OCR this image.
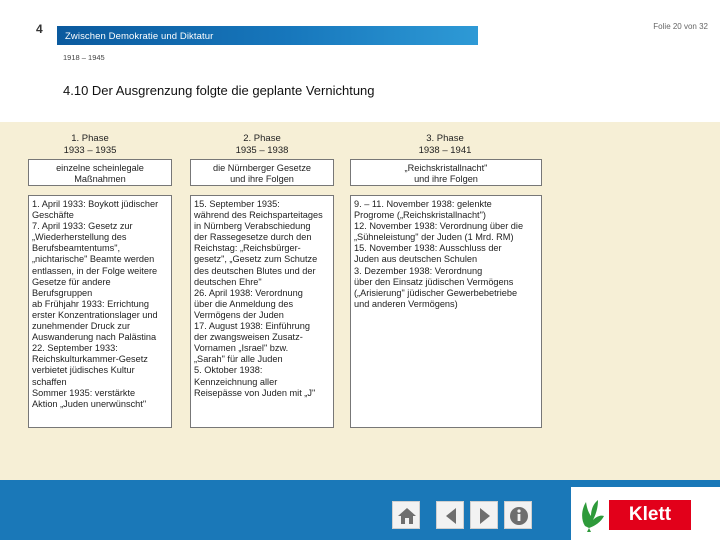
4
Zwischen Demokratie und Diktatur
Folie 20 von 32
1918 – 1945
4.10 Der Ausgrenzung folgte die geplante Vernichtung
1. Phase
1933 – 1935
einzelne scheinlegale
Maßnahmen
1. April 1933: Boykott jüdischer
Geschäfte
7. April 1933: Gesetz zur
„Wiederherstellung des
Berufsbeamtentums",
„nichtarische" Beamte werden
entlassen, in der Folge weitere
Gesetze für andere
Berufsgruppen
ab Frühjahr 1933: Errichtung
erster Konzentrationslager und
zunehmender Druck zur
Auswanderung nach Palästina
22. September 1933:
Reichskulturkammer-Gesetz
verbietet jüdisches Kultur
schaffen
Sommer 1935: verstärkte
Aktion „Juden unerwünscht"
2. Phase
1935 – 1938
die Nürnberger Gesetze
und ihre Folgen
15. September 1935:
während des Reichsparteitages
in Nürnberg Verabschiedung
der Rassegesetze durch den
Reichstag: „Reichsbürger-
gesetz", „Gesetz zum Schutze
des deutschen Blutes und der
deutschen Ehre"
26. April 1938: Verordnung
über die Anmeldung des
Vermögens der Juden
17. August 1938: Einführung
der zwangsweisen Zusatz-
Vornamen „Israel" bzw.
„Sarah" für alle Juden
5. Oktober 1938:
Kennzeichnung aller
Reisepässe von Juden mit „J"
3. Phase
1938 – 1941
„Reichskristallnacht"
und ihre Folgen
9. – 11. November 1938: gelenkte
Progrome („Reichskristallnacht")
12. November 1938: Verordnung über die
„Sühneleistung" der Juden (1 Mrd. RM)
15. November 1938: Ausschluss der
Juden aus deutschen Schulen
3. Dezember 1938: Verordnung
über den Einsatz jüdischen Vermögens
(„Arisierung" jüdischer Gewerbebetriebe
und anderen Vermögens)
Klett
